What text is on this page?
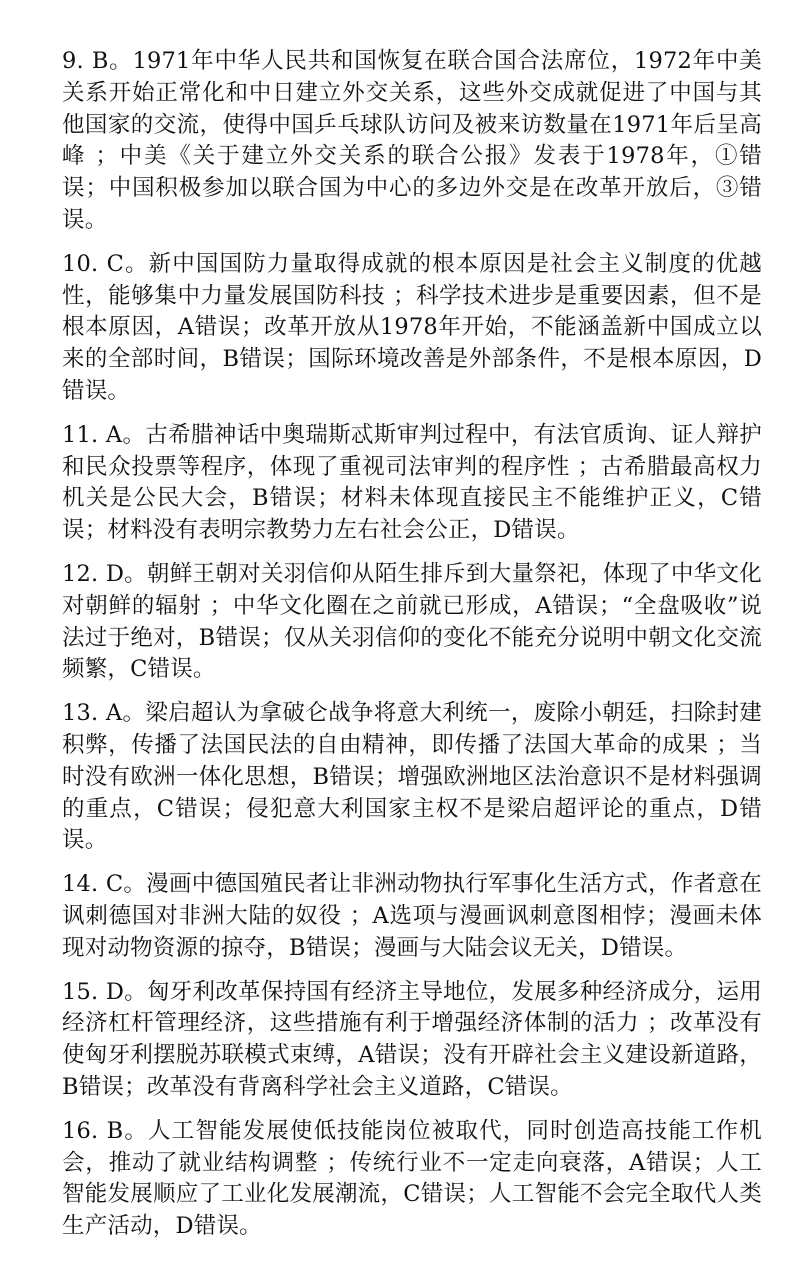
9. B。1971年中华人民共和国恢复在联合国合法席位，1972年中美关系开始正常化和中日建立外交关系，这些外交成就促进了中国与其他国家的交流，使得中国乒乓球队访问及被来访数量在1971年后呈高峰 ；中美《关于建立外交关系的联合公报》发表于1978年，①错误；中国积极参加以联合国为中心的多边外交是在改革开放后，③错误。

10. C。新中国国防力量取得成就的根本原因是社会主义制度的优越性，能够集中力量发展国防科技 ；科学技术进步是重要因素，但不是根本原因，A错误；改革开放从1978年开始，不能涵盖新中国成立以来的全部时间，B错误；国际环境改善是外部条件，不是根本原因，D错误。

11. A。古希腊神话中奥瑞斯忒斯审判过程中，有法官质询、证人辩护和民众投票等程序，体现了重视司法审判的程序性 ；古希腊最高权力机关是公民大会，B错误；材料未体现直接民主不能维护正义，C错误；材料没有表明宗教势力左右社会公正，D错误。

12. D。朝鲜王朝对关羽信仰从陌生排斥到大量祭祀，体现了中华文化对朝鲜的辐射 ；中华文化圈在之前就已形成，A错误；“全盘吸收”说法过于绝对，B错误；仅从关羽信仰的变化不能充分说明中朝文化交流频繁，C错误。

13. A。梁启超认为拿破仑战争将意大利统一，废除小朝廷，扫除封建积弊，传播了法国民法的自由精神，即传播了法国大革命的成果 ；当时没有欧洲一体化思想，B错误；增强欧洲地区法治意识不是材料强调的重点，C错误；侵犯意大利国家主权不是梁启超评论的重点，D错误。

14. C。漫画中德国殖民者让非洲动物执行军事化生活方式，作者意在讽刺德国对非洲大陆的奴役 ；A选项与漫画讽刺意图相悖；漫画未体现对动物资源的掠夺，B错误；漫画与大陆会议无关，D错误。

15. D。匈牙利改革保持国有经济主导地位，发展多种经济成分，运用经济杠杆管理经济，这些措施有利于增强经济体制的活力 ；改革没有使匈牙利摆脱苏联模式束缚，A错误；没有开辟社会主义建设新道路，B错误；改革没有背离科学社会主义道路，C错误。

16. B。人工智能发展使低技能岗位被取代，同时创造高技能工作机会，推动了就业结构调整 ；传统行业不一定走向衰落，A错误；人工智能发展顺应了工业化发展潮流，C错误；人工智能不会完全取代人类生产活动，D错误。
